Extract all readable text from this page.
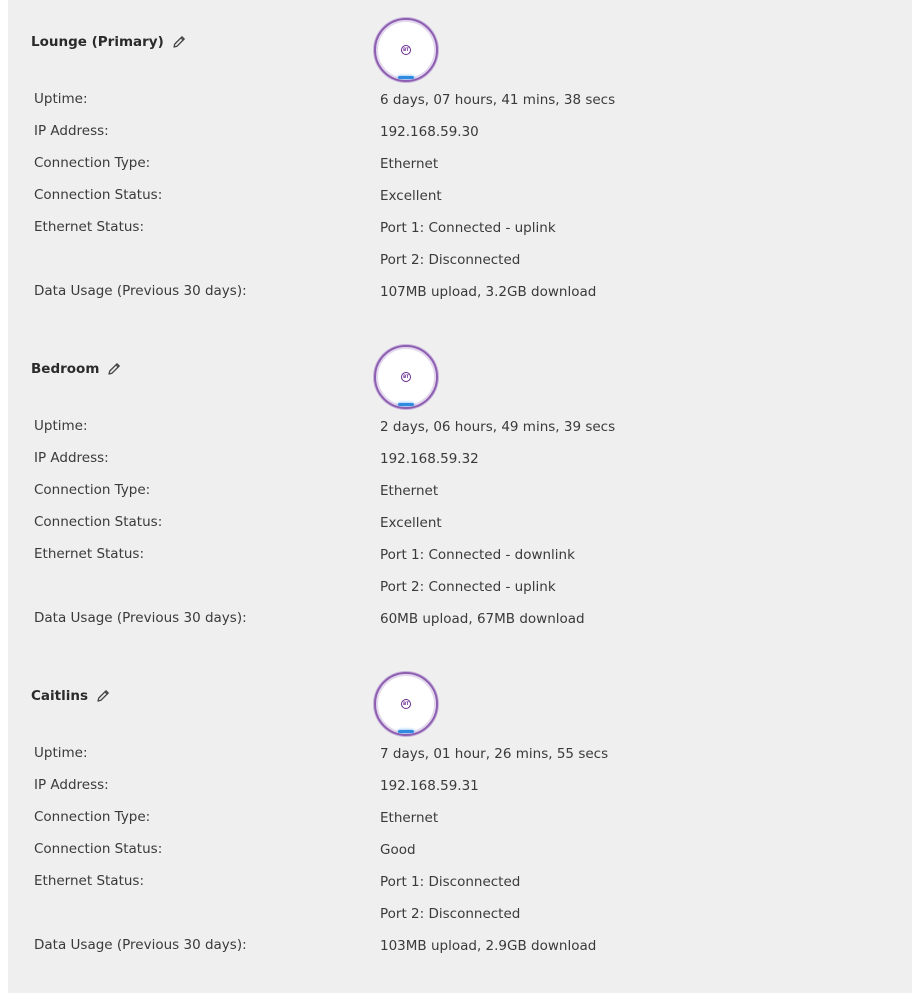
Lounge (Primary)	BT
Uptime:	6 days, 07 hours, 41 mins, 38 secs
IP Address:	192.168.59.30
Connection Type:	Ethernet
Connection Status:	Excellent
Ethernet Status:	Port 1: Connected - uplink
Port 2: Disconnected
Data Usage (Previous 30 days):	107MB upload, 3.2GB download
Bedroom	BT
Uptime:	2 days, 06 hours, 49 mins, 39 secs
IP Address:	192.168.59.32
Connection Type:	Ethernet
Connection Status:	Excellent
Ethernet Status:	Port 1: Connected - downlink
Port 2: Connected - uplink
Data Usage (Previous 30 days):	60MB upload, 67MB download
Caitlins	BT
Uptime:	7 days, 01 hour, 26 mins, 55 secs
IP Address:	192.168.59.31
Connection Type:	Ethernet
Connection Status:	Good
Ethernet Status:	Port 1: Disconnected
Port 2: Disconnected
Data Usage (Previous 30 days):	103MB upload, 2.9GB download
